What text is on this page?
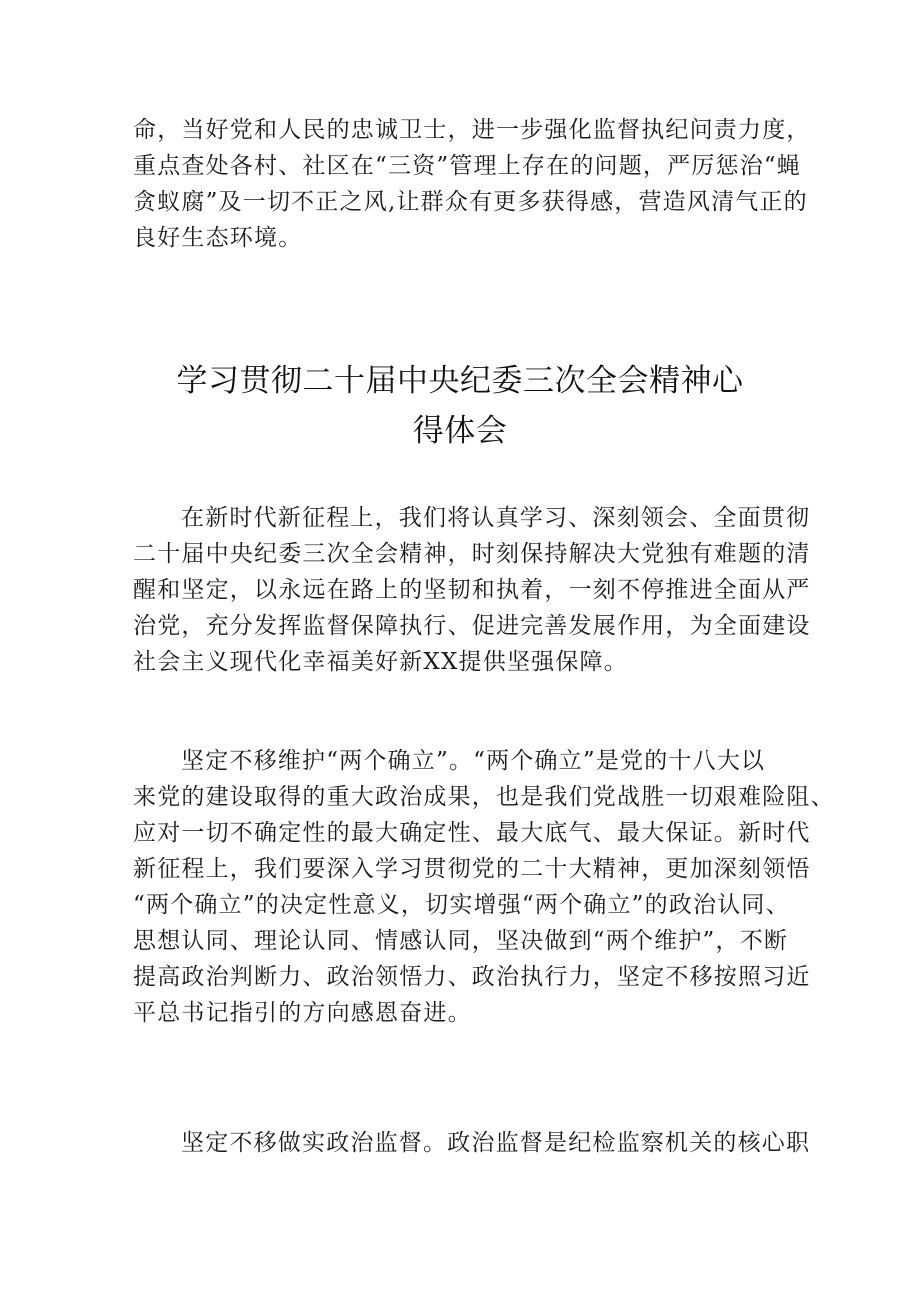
命，当好党和人民的忠诚卫士，进一步强化监督执纪问责力度，
重点查处各村、社区在“三资”管理上存在的问题，严厉惩治“蝇
贪蚁腐”及一切不正之风,让群众有更多获得感，营造风清气正的
良好生态环境。
学习贯彻二十届中央纪委三次全会精神心
得体会
在新时代新征程上，我们将认真学习、深刻领会、全面贯彻
二十届中央纪委三次全会精神，时刻保持解决大党独有难题的清
醒和坚定，以永远在路上的坚韧和执着，一刻不停推进全面从严
治党，充分发挥监督保障执行、促进完善发展作用，为全面建设
社会主义现代化幸福美好新XX提供坚强保障。
坚定不移维护“两个确立”。“两个确立”是党的十八大以
来党的建设取得的重大政治成果，也是我们党战胜一切艰难险阻、
应对一切不确定性的最大确定性、最大底气、最大保证。新时代
新征程上，我们要深入学习贯彻党的二十大精神，更加深刻领悟
“两个确立”的决定性意义，切实增强“两个确立”的政治认同、
思想认同、理论认同、情感认同，坚决做到“两个维护”，不断
提高政治判断力、政治领悟力、政治执行力，坚定不移按照习近
平总书记指引的方向感恩奋进。
坚定不移做实政治监督。政治监督是纪检监察机关的核心职
